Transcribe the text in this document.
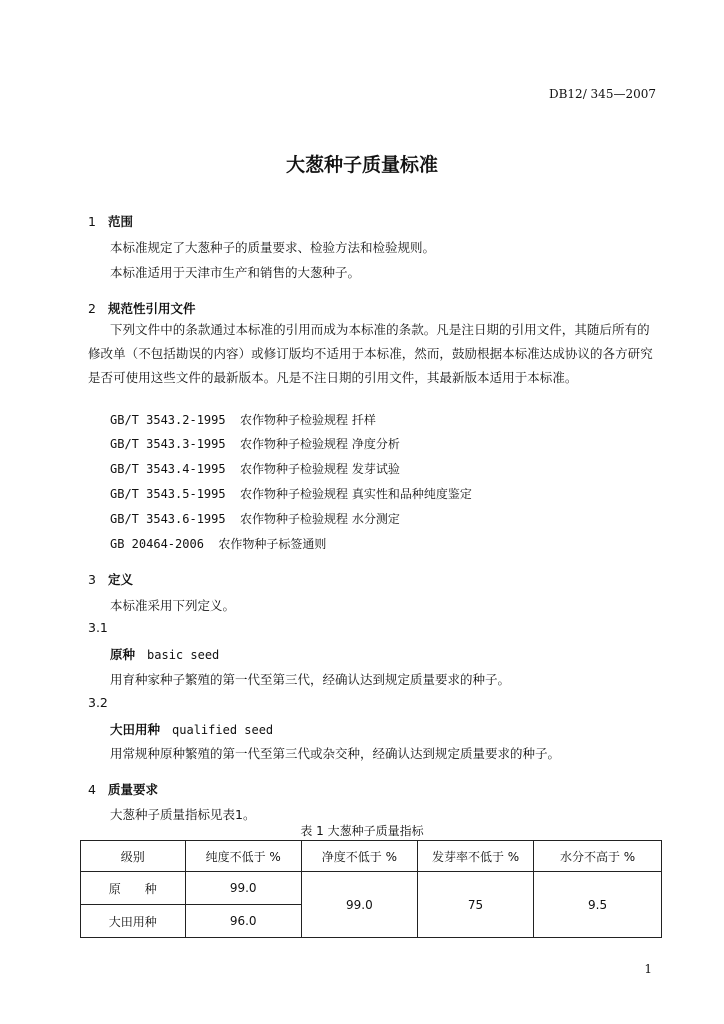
DB12/ 345—2007
大葱种子质量标准
1 范围
本标准规定了大葱种子的质量要求、检验方法和检验规则。
本标准适用于天津市生产和销售的大葱种子。
2 规范性引用文件
下列文件中的条款通过本标准的引用而成为本标准的条款。凡是注日期的引用文件，其随后所有的修改单（不包括勘误的内容）或修订版均不适用于本标准，然而，鼓励根据本标准达成协议的各方研究是否可使用这些文件的最新版本。凡是不注日期的引用文件，其最新版本适用于本标准。
GB/T 3543.2-1995 农作物种子检验规程 扦样
GB/T 3543.3-1995 农作物种子检验规程 净度分析
GB/T 3543.4-1995 农作物种子检验规程 发芽试验
GB/T 3543.5-1995 农作物种子检验规程 真实性和品种纯度鉴定
GB/T 3543.6-1995 农作物种子检验规程 水分测定
GB 20464-2006 农作物种子标签通则
3 定义
本标准采用下列定义。
3.1
原种 basic seed
用育种家种子繁殖的第一代至第三代，经确认达到规定质量要求的种子。
3.2
大田用种 qualified seed
用常规种原种繁殖的第一代至第三代或杂交种，经确认达到规定质量要求的种子。
4 质量要求
大葱种子质量指标见表1。
表 1 大葱种子质量指标
级别	纯度不低于 %	净度不低于 %	发芽率不低于 %	水分不高于 %
原　　种	99.0	99.0	75	9.5
大田用种	96.0			
1
